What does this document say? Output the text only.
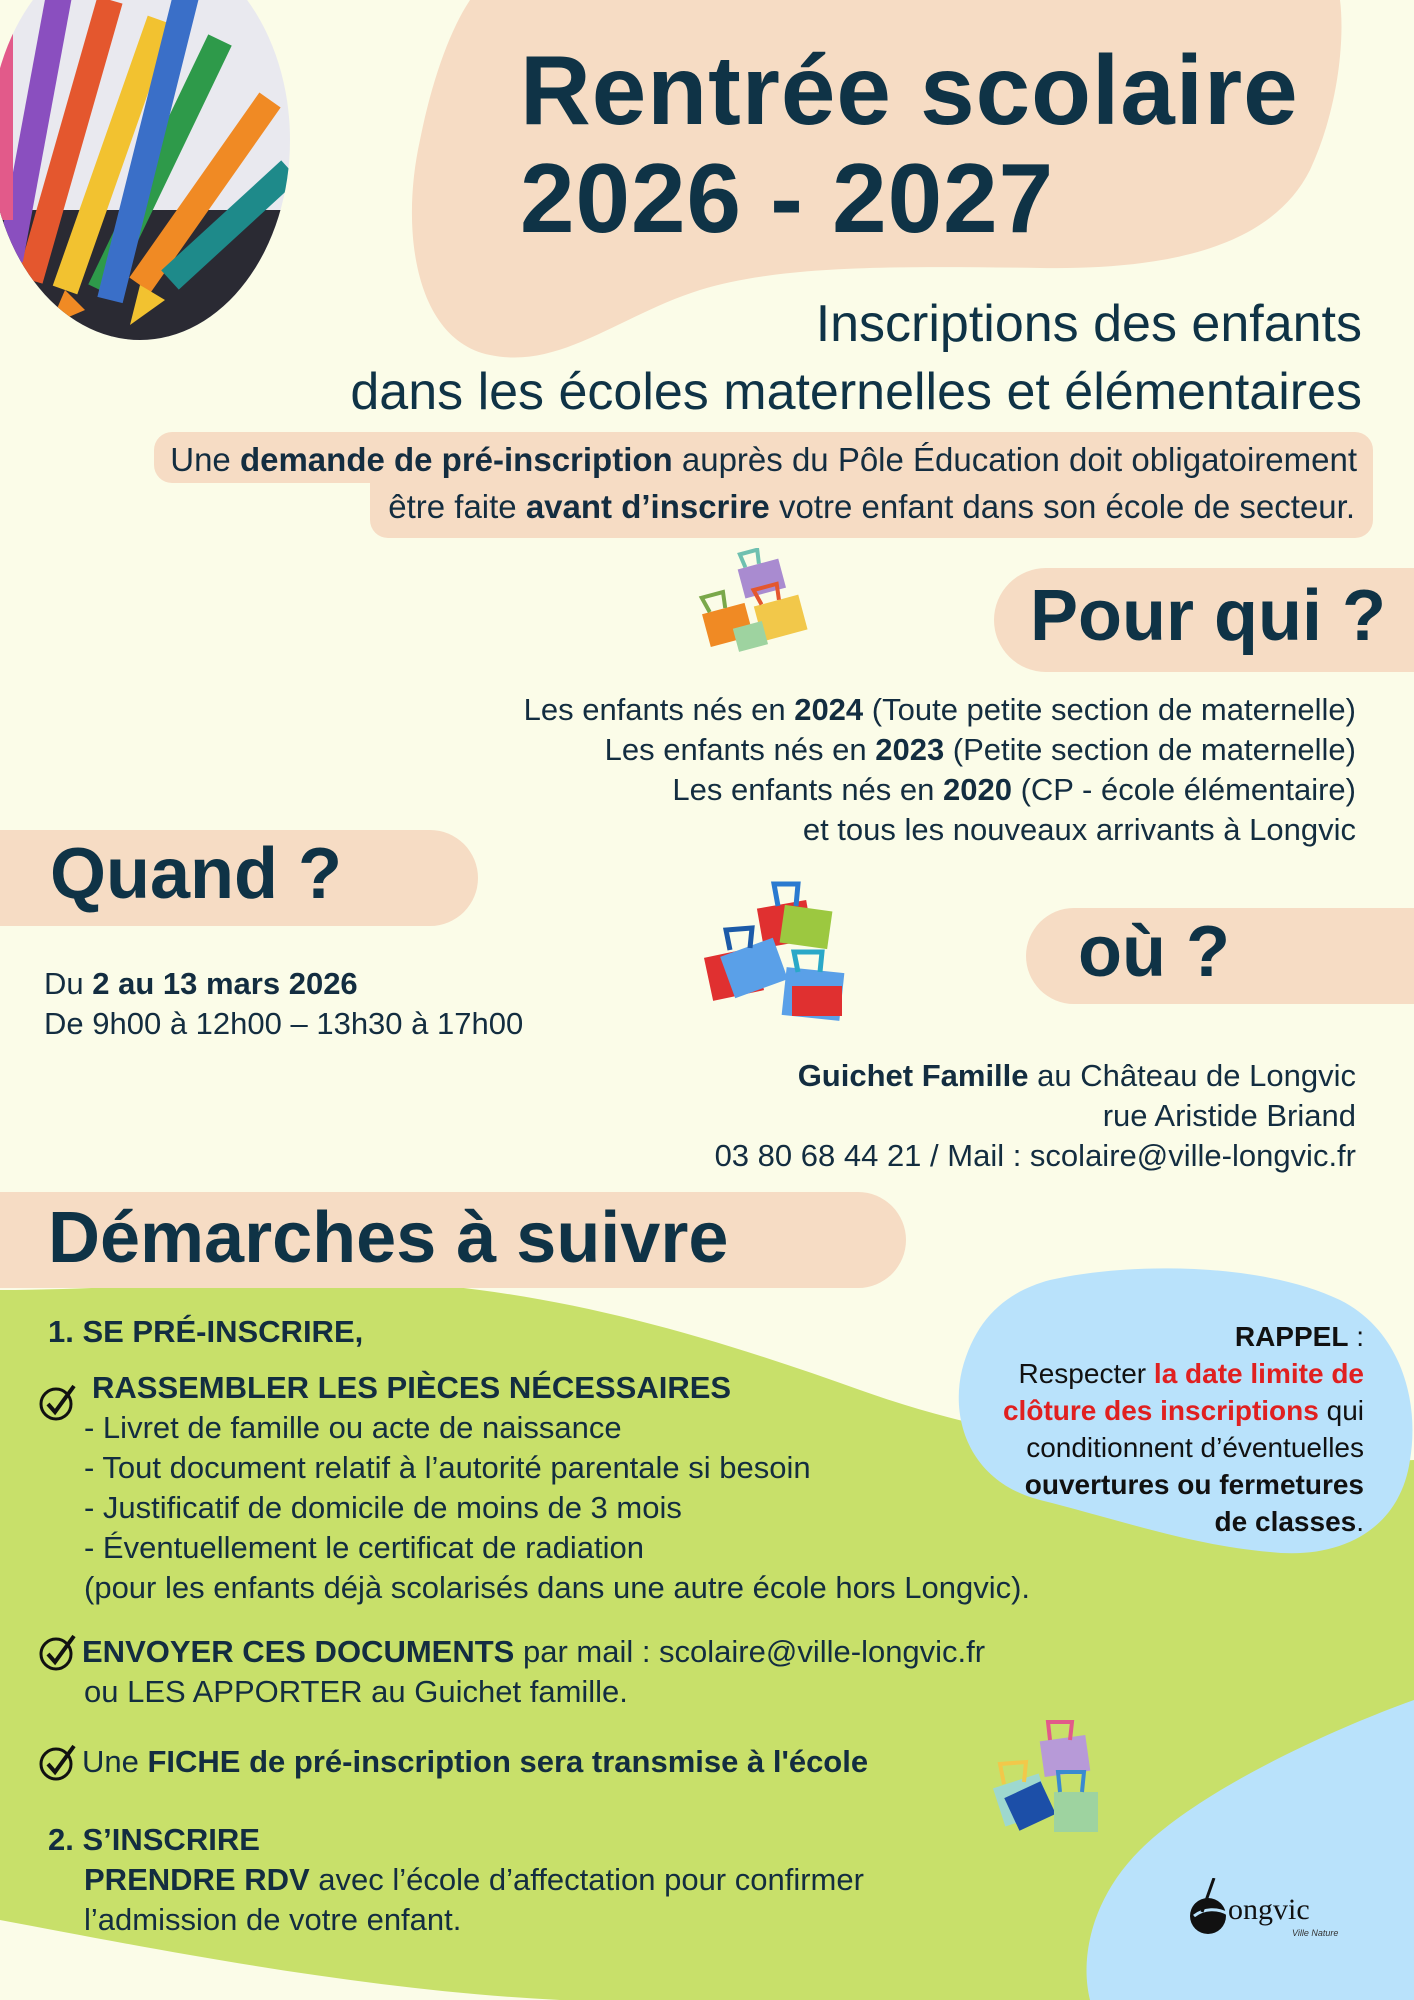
Rentrée scolaire
2026 - 2027
Inscriptions des enfants
dans les écoles maternelles et élémentaires
Une demande de pré-inscription auprès du Pôle Éducation doit obligatoirement
être faite avant d’inscrire votre enfant dans son école de secteur.
Pour qui ?
Les enfants nés en 2024 (Toute petite section de maternelle)
Les enfants nés en 2023 (Petite section de maternelle)
Les enfants nés en 2020 (CP - école élémentaire)
et tous les nouveaux arrivants à Longvic
Quand ?
où ?
Du 2 au 13 mars 2026
De 9h00 à 12h00 – 13h30 à 17h00
Guichet Famille au Château de Longvic
rue Aristide Briand
03 80 68 44 21 / Mail : scolaire@ville-longvic.fr
Démarches à suivre
1. SE PRÉ-INSCRIRE,
RASSEMBLER LES PIÈCES NÉCESSAIRES
- Livret de famille ou acte de naissance
- Tout document relatif à l’autorité parentale si besoin
- Justificatif de domicile de moins de 3 mois
- Éventuellement le certificat de radiation
(pour les enfants déjà scolarisés dans une autre école hors Longvic).
ENVOYER CES DOCUMENTS par mail : scolaire@ville-longvic.fr
ou LES APPORTER au Guichet famille.
Une FICHE de pré-inscription sera transmise à l'école
2. S’INSCRIRE
PRENDRE RDV avec l’école d’affectation pour confirmer
l’admission de votre enfant.
RAPPEL :
Respecter la date limite de
clôture des inscriptions qui
conditionnent d’éventuelles
ouvertures ou fermetures
de classes.
ongvic
Ville Nature
